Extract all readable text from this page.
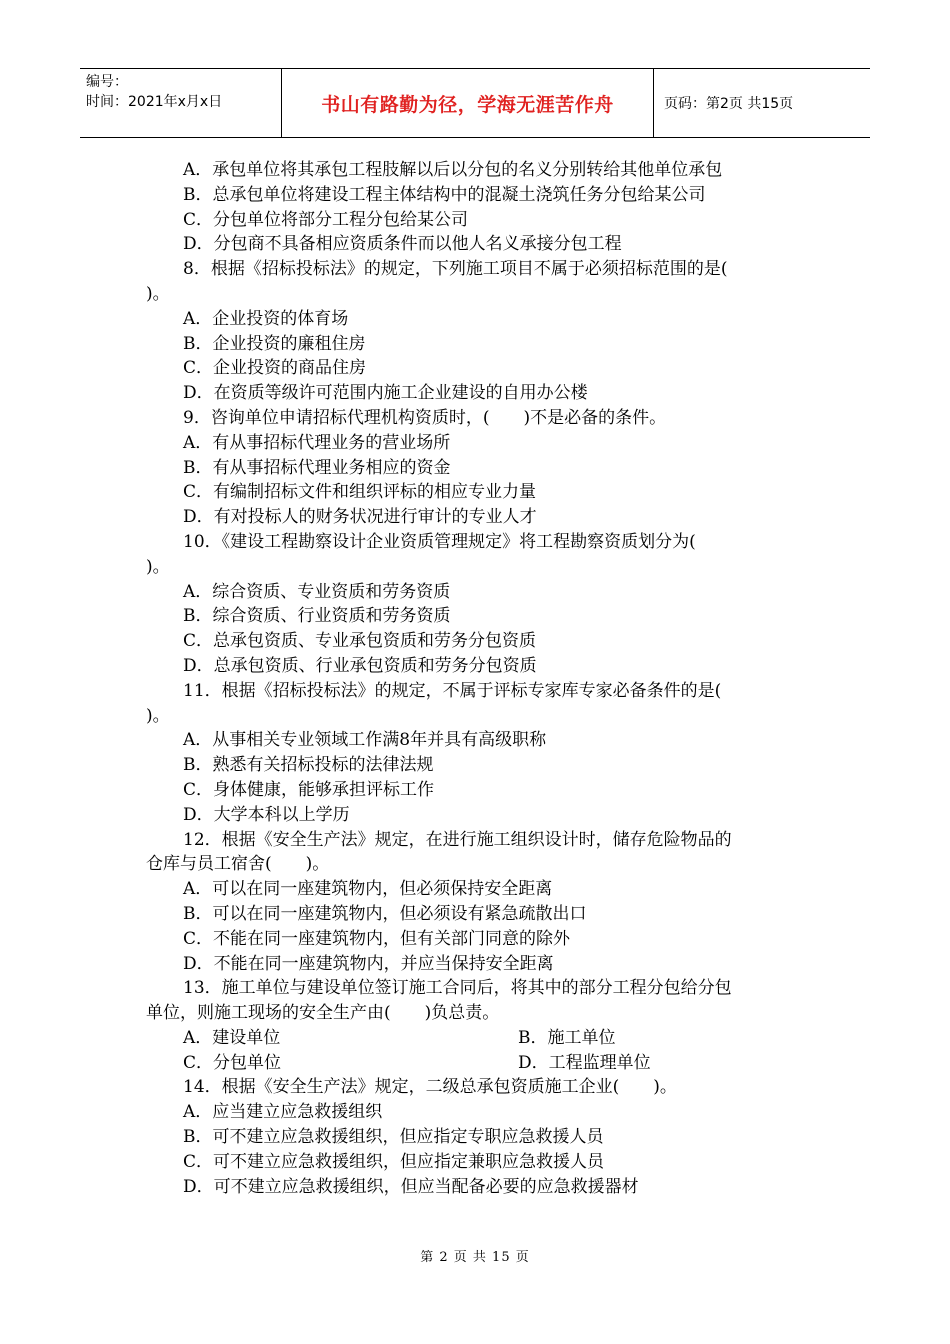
编号：
时间：2021年x月x日	书山有路勤为径，学海无涯苦作舟	页码：第2页 共15页
A．承包单位将其承包工程肢解以后以分包的名义分别转给其他单位承包
B．总承包单位将建设工程主体结构中的混凝土浇筑任务分包给某公司
C．分包单位将部分工程分包给某公司
D．分包商不具备相应资质条件而以他人名义承接分包工程
8．根据《招标投标法》的规定，下列施工项目不属于必须招标范围的是(
)。
A．企业投资的体育场
B．企业投资的廉租住房
C．企业投资的商品住房
D．在资质等级许可范围内施工企业建设的自用办公楼
9．咨询单位申请招标代理机构资质时，(　　)不是必备的条件。
A．有从事招标代理业务的营业场所
B．有从事招标代理业务相应的资金
C．有编制招标文件和组织评标的相应专业力量
D．有对投标人的财务状况进行审计的专业人才
10．《建设工程勘察设计企业资质管理规定》将工程勘察资质划分为(
)。
A．综合资质、专业资质和劳务资质
B．综合资质、行业资质和劳务资质
C．总承包资质、专业承包资质和劳务分包资质
D．总承包资质、行业承包资质和劳务分包资质
11．根据《招标投标法》的规定，不属于评标专家库专家必备条件的是(
)。
A．从事相关专业领域工作满8年并具有高级职称
B．熟悉有关招标投标的法律法规
C．身体健康，能够承担评标工作
D．大学本科以上学历
12．根据《安全生产法》规定，在进行施工组织设计时，储存危险物品的
仓库与员工宿舍(　　)。
A．可以在同一座建筑物内，但必须保持安全距离
B．可以在同一座建筑物内，但必须设有紧急疏散出口
C．不能在同一座建筑物内，但有关部门同意的除外
D．不能在同一座建筑物内，并应当保持安全距离
13．施工单位与建设单位签订施工合同后，将其中的部分工程分包给分包
单位，则施工现场的安全生产由(　　)负总责。
A．建设单位	B．施工单位
C．分包单位	D．工程监理单位
14．根据《安全生产法》规定，二级总承包资质施工企业(　　)。
A．应当建立应急救援组织
B．可不建立应急救援组织，但应指定专职应急救援人员
C．可不建立应急救援组织，但应指定兼职应急救援人员
D．可不建立应急救援组织，但应当配备必要的应急救援器材
第 2 页 共 15 页
